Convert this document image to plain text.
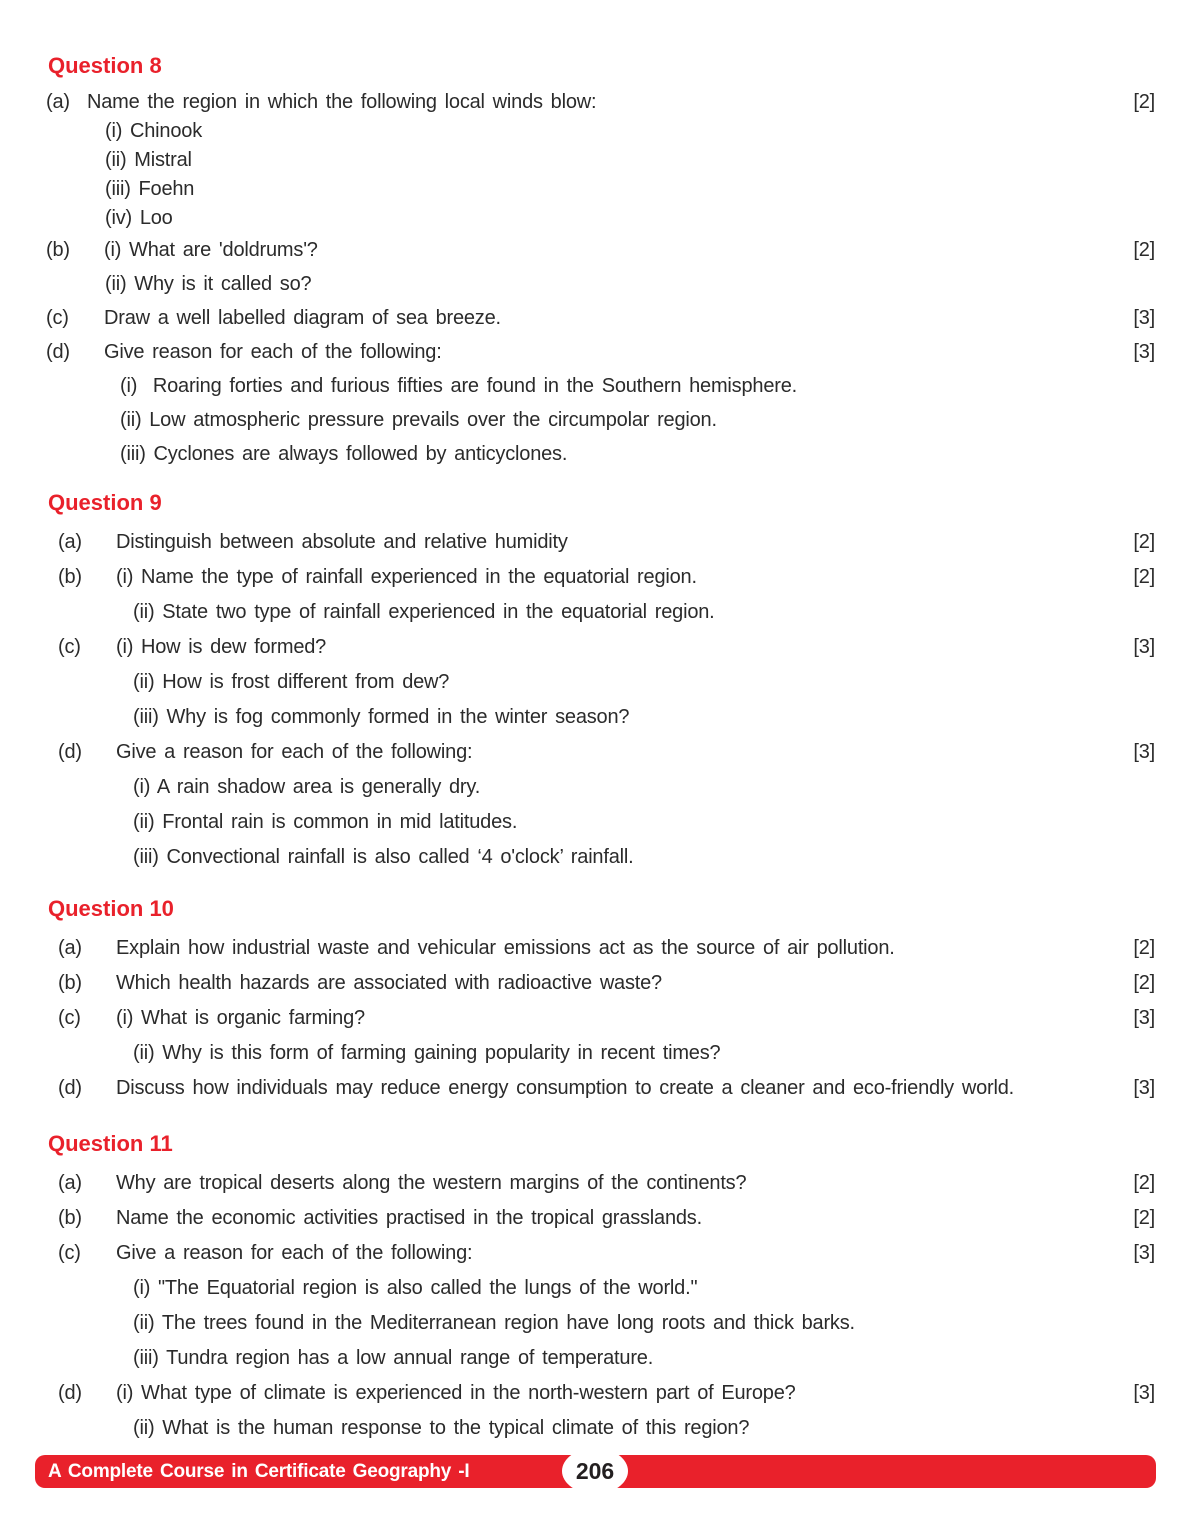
Question 8
(a) Name the region in which the following local winds blow:	[2]
(i) Chinook
(ii) Mistral
(iii) Foehn
(iv) Loo
(b)	(i) What are 'doldrums'?	[2]
(ii) Why is it called so?
(c)	Draw a well labelled diagram of sea breeze.	[3]
(d)	Give reason for each of the following:	[3]
(i)  Roaring forties and furious fifties are found in the Southern hemisphere.
(ii) Low atmospheric pressure prevails over the circumpolar region.
(iii) Cyclones are always followed by anticyclones.
Question 9
(a)	Distinguish between absolute and relative humidity	[2]
(b)	(i) Name the type of rainfall experienced in the equatorial region.	[2]
(ii) State two type of rainfall experienced in the equatorial region.
(c)	(i) How is dew formed?	[3]
(ii) How is frost different from dew?
(iii) Why is fog commonly formed in the winter season?
(d)	Give a reason for each of the following:	[3]
(i) A rain shadow area is generally dry.
(ii) Frontal rain is common in mid latitudes.
(iii) Convectional rainfall is also called ‘4 o'clock’ rainfall.
Question 10
(a)	Explain how industrial waste and vehicular emissions act as the source of air pollution.	[2]
(b)	Which health hazards are associated with radioactive waste?	[2]
(c)	(i) What is organic farming?	[3]
(ii) Why is this form of farming gaining popularity in recent times?
(d)	Discuss how individuals may reduce energy consumption to create a cleaner and eco-friendly world.	[3]
Question 11
(a)	Why are tropical deserts along the western margins of the continents?	[2]
(b)	Name the economic activities practised in the tropical grasslands.	[2]
(c)	Give a reason for each of the following:	[3]
(i) "The Equatorial region is also called the lungs of the world."
(ii) The trees found in the Mediterranean region have long roots and thick barks.
(iii) Tundra region has a low annual range of temperature.
(d)	(i) What type of climate is experienced in the north-western part of Europe?	[3]
(ii) What is the human response to the typical climate of this region?
A Complete Course in Certificate Geography -I	206
